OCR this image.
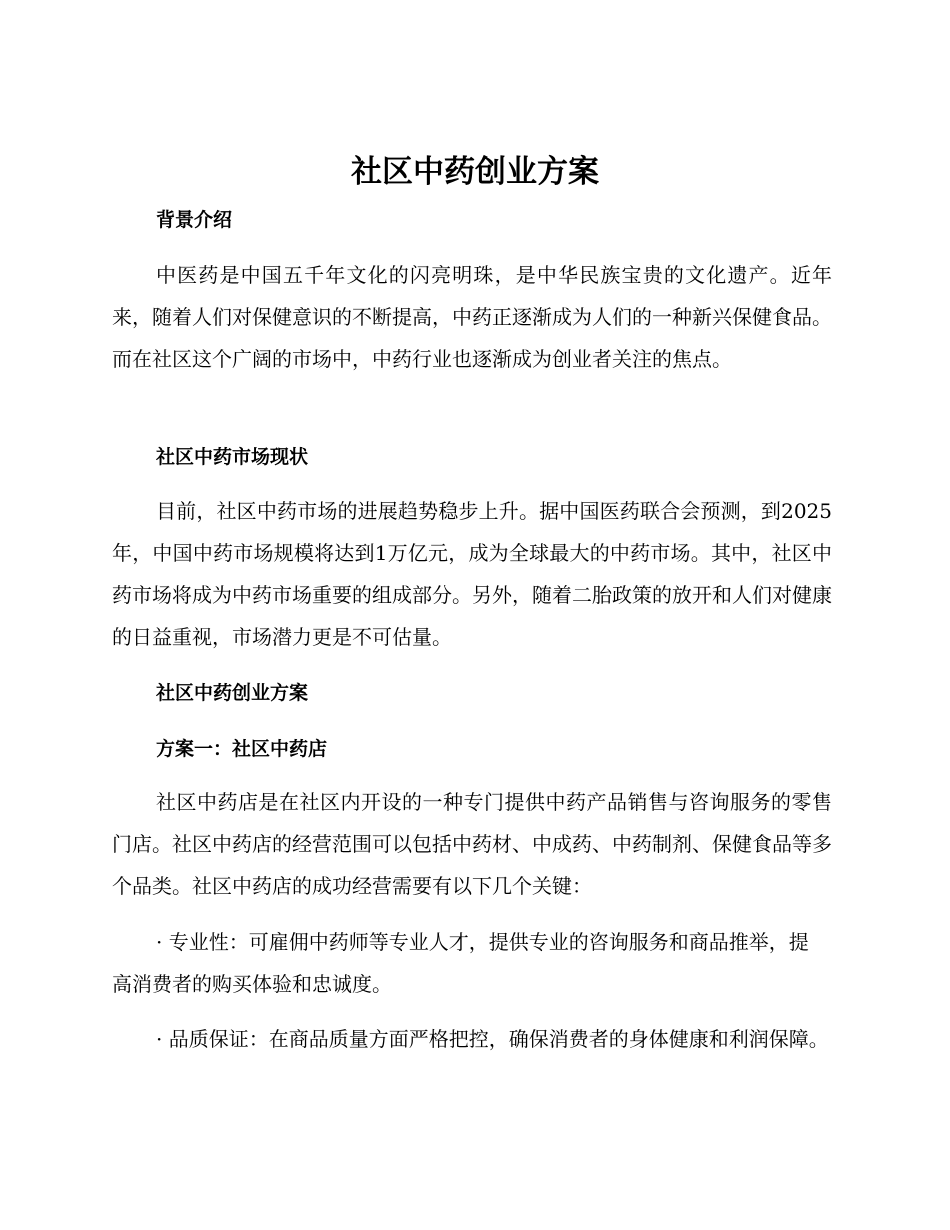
社区中药创业方案
背景介绍

中医药是中国五千年文化的闪亮明珠，是中华民族宝贵的文化遗产。近年来，随着人们对保健意识的不断提高，中药正逐渐成为人们的一种新兴保健食品。而在社区这个广阔的市场中，中药行业也逐渐成为创业者关注的焦点。

社区中药市场现状

目前，社区中药市场的进展趋势稳步上升。据中国医药联合会预测，到2025年，中国中药市场规模将达到1万亿元，成为全球最大的中药市场。其中，社区中药市场将成为中药市场重要的组成部分。另外，随着二胎政策的放开和人们对健康的日益重视，市场潜力更是不可估量。

社区中药创业方案
方案一：社区中药店

社区中药店是在社区内开设的一种专门提供中药产品销售与咨询服务的零售门店。社区中药店的经营范围可以包括中药材、中成药、中药制剂、保健食品等多个品类。社区中药店的成功经营需要有以下几个关键：

· 专业性：可雇佣中药师等专业人才，提供专业的咨询服务和商品推举，提高消费者的购买体验和忠诚度。

· 品质保证：在商品质量方面严格把控，确保消费者的身体健康和利润保障。
